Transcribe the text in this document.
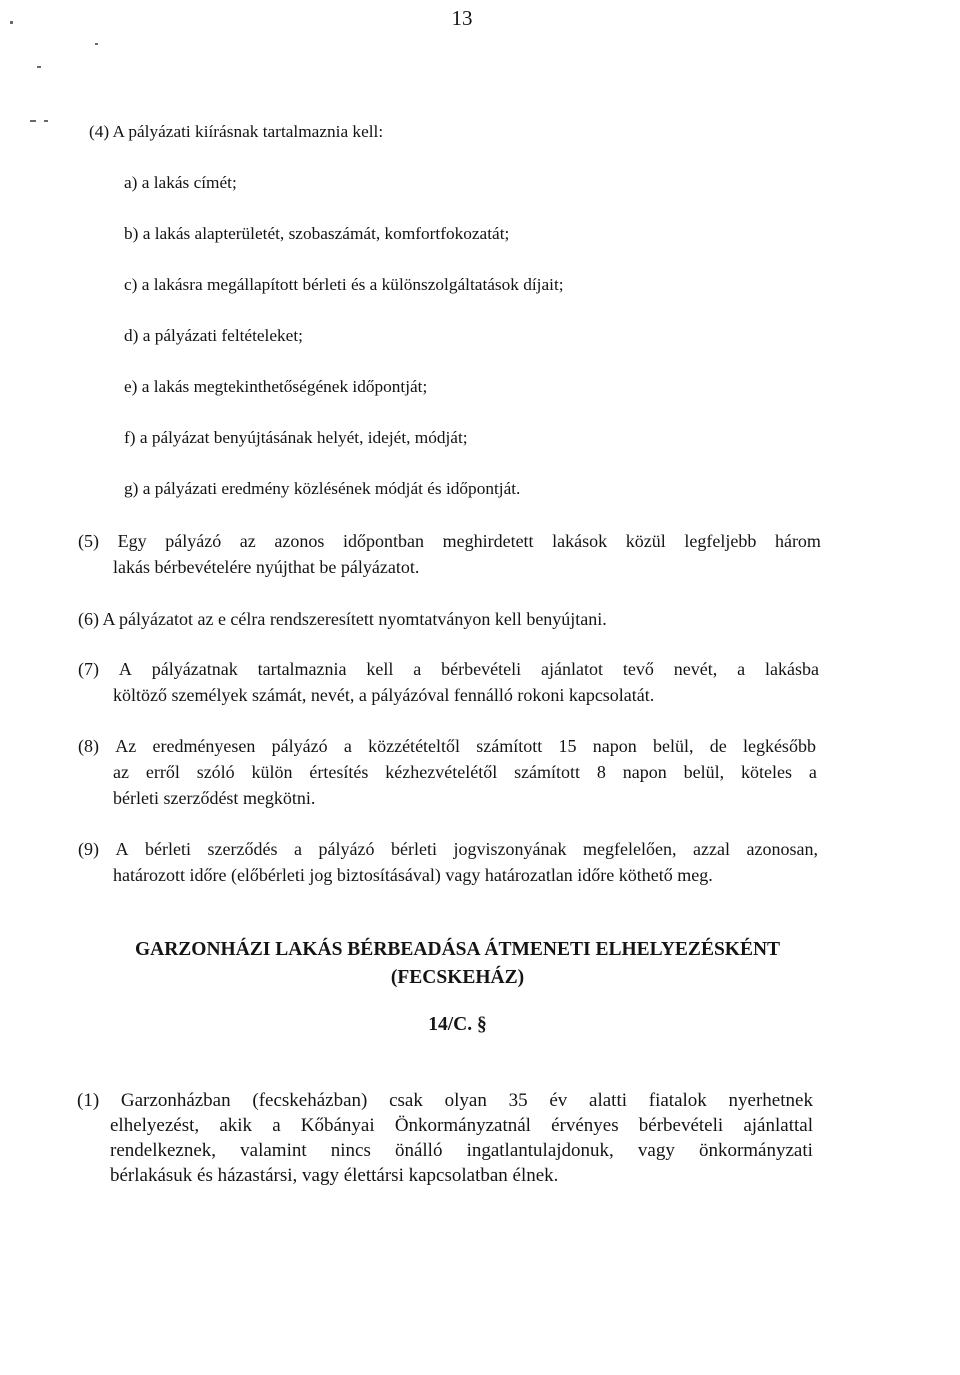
13
(4) A pályázati kiírásnak tartalmaznia kell:
a) a lakás címét;
b) a lakás alapterületét, szobaszámát, komfortfokozatát;
c) a lakásra megállapított bérleti és a különszolgáltatások díjait;
d) a pályázati feltételeket;
e) a lakás megtekinthetőségének időpontját;
f) a pályázat benyújtásának helyét, idejét, módját;
g) a pályázati eredmény közlésének módját és időpontját.
(5) Egy pályázó az azonos időpontban meghirdetett lakások közül legfeljebb három
lakás bérbevételére nyújthat be pályázatot.
(6) A pályázatot az e célra rendszeresített nyomtatványon kell benyújtani.
(7) A pályázatnak tartalmaznia kell a bérbevételi ajánlatot tevő nevét, a lakásba
költöző személyek számát, nevét, a pályázóval fennálló rokoni kapcsolatát.
(8) Az eredményesen pályázó a közzétételtől számított 15 napon belül, de legkésőbb
az erről szóló külön értesítés kézhezvételétől számított 8 napon belül, köteles a
bérleti szerződést megkötni.
(9) A bérleti szerződés a pályázó bérleti jogviszonyának megfelelően, azzal azonosan,
határozott időre (előbérleti jog biztosításával) vagy határozatlan időre köthető meg.
GARZONHÁZI LAKÁS BÉRBEADÁSA ÁTMENETI ELHELYEZÉSKÉNT
(FECSKEHÁZ)
14/C. §
(1) Garzonházban (fecskeházban) csak olyan 35 év alatti fiatalok nyerhetnek
elhelyezést, akik a Kőbányai Önkormányzatnál érvényes bérbevételi ajánlattal
rendelkeznek, valamint nincs önálló ingatlantulajdonuk, vagy önkormányzati
bérlakásuk és házastársi, vagy élettársi kapcsolatban élnek.
